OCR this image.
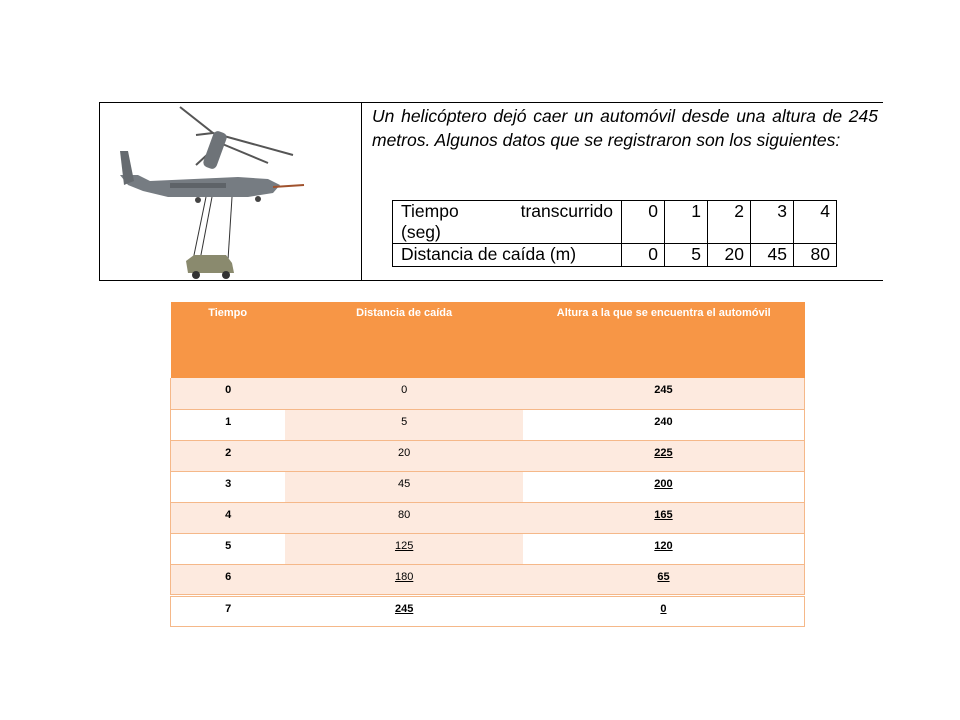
Un helicóptero dejó caer un automóvil desde una altura de 245 metros. Algunos datos que se registraron son los siguientes:
Tiempo transcurrido
(seg)	0	1	2	3	4
Distancia de caída (m)	0	5	20	45	80
Tiempo	Distancia de caída	Altura a la que se encuentra el automóvil
0	0	245
1	5	240
2	20	225
3	45	200
4	80	165
5	125	120
6	180	65
7	245	0
